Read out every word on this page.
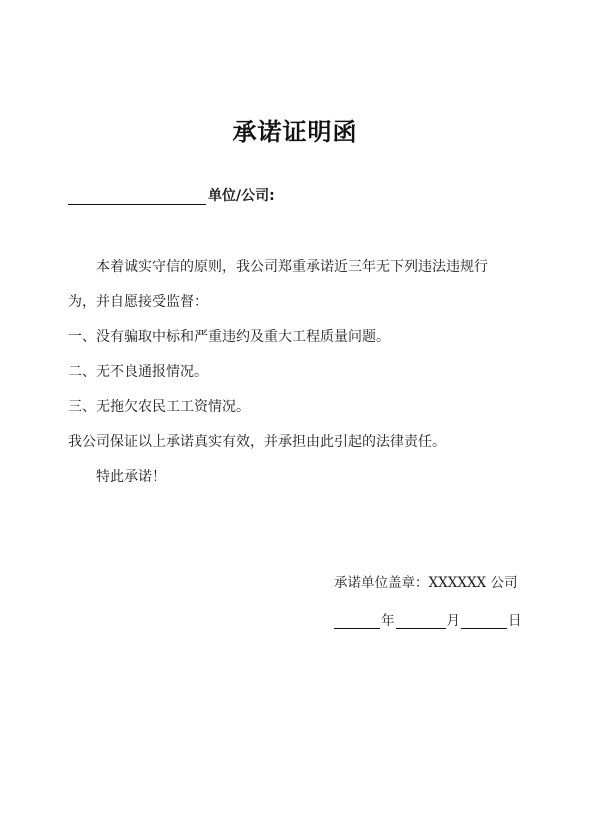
承诺证明函
单位/公司:
本着诚实守信的原则，我公司郑重承诺近三年无下列违法违规行
为，并自愿接受监督：
一、没有骗取中标和严重违约及重大工程质量问题。
二、无不良通报情况。
三、无拖欠农民工工资情况。
我公司保证以上承诺真实有效，并承担由此引起的法律责任。
特此承诺！
承诺单位盖章：XXXXXX 公司
年	月	日
